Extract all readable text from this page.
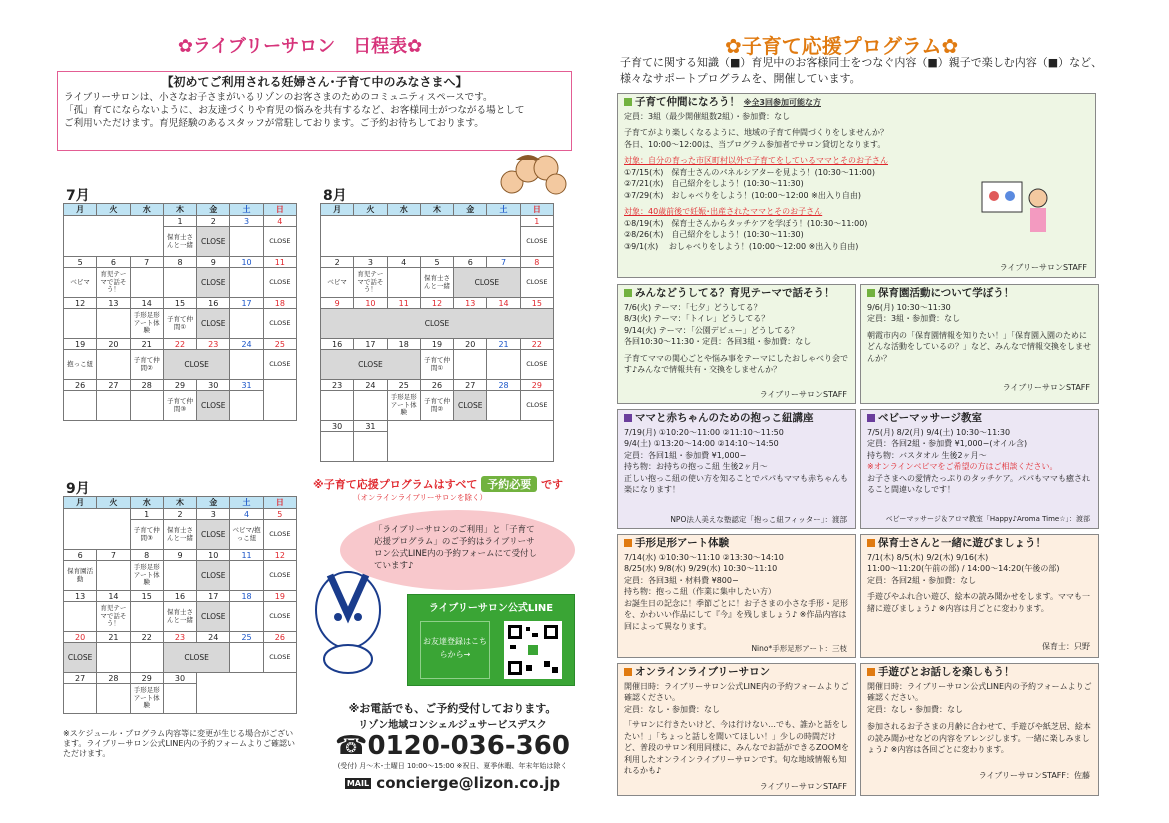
✿ライブリーサロン　日程表✿
【初めてご利用される妊婦さん･子育て中のみなさまへ】
ライブリーサロンは、小さなお子さまがいるリゾンのお客さまのためのコミュニティスペースです。
「孤」育てにならないように、お友達づくりや育児の悩みを共有するなど、お客様同士がつながる場として
ご利用いただけます。育児経験のあるスタッフが常駐しております。ご予約お待ちしております。
7月
月	火	水	木	金	土	日
			1	2	3	4
			保育士さんと一緒	CLOSE		CLOSE
5	6	7	8	9	10	11
ベビマ	育児テーマで話そう！			CLOSE		CLOSE
12	13	14	15	16	17	18
		手形足形アート体験	子育て仲間①	CLOSE		CLOSE
19	20	21	22	23	24	25
抱っこ紐		子育て仲間②	CLOSE			CLOSE
26	27	28	29	30	31	
			子育て仲間③	CLOSE		
8月
月	火	水	木	金	土	日
						1
						CLOSE
2	3	4	5	6	7	8
ベビマ	育児テーマで話そう！		保育士さんと一緒	CLOSE		CLOSE
9	10	11	12	13	14	15
CLOSE						
16	17	18	19	20	21	22
CLOSE			子育て仲間①			CLOSE
23	24	25	26	27	28	29
		手形足形アート体験	子育て仲間②	CLOSE		CLOSE
30	31					

9月
月	火	水	木	金	土	日
		1	2	3	4	5
		子育て仲間③	保育士さんと一緒	CLOSE	ベビマ/抱っこ紐	CLOSE
6	7	8	9	10	11	12
保育園活動		手形足形アート体験		CLOSE		CLOSE
13	14	15	16	17	18	19
	育児テーマで話そう！		保育士さんと一緒	CLOSE		CLOSE
20	21	22	23	24	25	26
CLOSE			CLOSE			CLOSE
27	28	29	30			
		手形足形アート体験				
※スケジュール・プログラム内容等に変更が生じる場合がございます。ライブリーサロン公式LINE内の予約フォームよりご確認いただけます。
※子育て応援プログラムはすべて 予約必要 です
（オンラインライブリーサロンを除く）
「ライブリーサロンのご利用」と「子育て応援プログラム」のご予約はライブリーサロン公式LINE内の予約フォームにて受付しています♪
ライブリーサロン公式LINE
お友達登録はこちらから→
※お電話でも、ご予約受付しております。
リゾン地域コンシェルジュサービスデスク
☎0120-036-360
(受付) 月～木･土曜日 10:00～15:00 ※祝日、夏季休暇、年末年始は除く
MAIL concierge@lizon.co.jp
✿子育て応援プログラム✿
子育てに関する知識（■）育児中のお客様同士をつなぐ内容（■）親子で楽しむ内容（■）など、様々なサポートプログラムを、開催しています。
子育て仲間になろう！ ※全3回参加可能な方
定員：3組（最少開催組数2組）・参加費：なし
子育てがより楽しくなるように、地域の子育て仲間づくりをしませんか？
各日、10:00～12:00は、当プログラム参加者でサロン貸切となります。
対象：自分の育った市区町村以外で子育てをしているママとそのお子さん
①7/15(木)　保育士さんのパネルシアターを見よう！(10:30～11:00)
②7/21(水)　自己紹介をしよう！(10:30～11:30)
③7/29(木)　おしゃべりをしよう！(10:00～12:00 ※出入り自由)
対象：40歳前後で妊娠･出産されたママとそのお子さん
①8/19(木)　保育士さんからタッチケアを学ぼう！(10:30～11:00)
②8/26(木)　自己紹介をしよう！(10:30～11:30)
③9/1(水)　 おしゃべりをしよう！(10:00～12:00 ※出入り自由)
ライブリーサロンSTAFF
みんなどうしてる？育児テーマで話そう！
7/6(火) テーマ：「七夕」どうしてる？
8/3(火) テーマ：「トイレ」どうしてる？
9/14(火) テーマ：「公園デビュー」どうしてる？
各回10:30～11:30・定員：各回3組・参加費：なし
子育てママの関心ごとや悩み事をテーマにしたおしゃべり会です♪みんなで情報共有・交換をしませんか？
ライブリーサロンSTAFF
保育園活動について学ぼう！
9/6(月) 10:30～11:30
定員：3組・参加費：なし
朝霞市内の「保育園情報を知りたい！」「保育園入園のためにどんな活動をしているの？」など、みんなで情報交換をしませんか？
ライブリーサロンSTAFF
ママと赤ちゃんのための抱っこ紐講座
7/19(月) ①10:20～11:00 ②11:10～11:50
9/4(土) ①13:20～14:00 ②14:10～14:50
定員：各回1組・参加費 ¥1,000−
持ち物：お持ちの抱っこ紐 生後2ヶ月～
正しい抱っこ紐の使い方を知ることでパパもママも赤ちゃんも楽になります！
NPO法人美えな塾認定「抱っこ紐フィッター」：渡部
ベビーマッサージ教室
7/5(月) 8/2(月) 9/4(土) 10:30～11:30
定員：各回2組・参加費 ¥1,000−(オイル含)
持ち物：バスタオル 生後2ヶ月～
※オンラインベビマをご希望の方はご相談ください。
お子さまへの愛情たっぷりのタッチケア。パパもママも癒されること間違いなしです！
ベビーマッサージ＆アロマ教室「Happy♪Aroma Time☆」：渡部
手形足形アート体験
7/14(水) ①10:30～11:10 ②13:30～14:10
8/25(水) 9/8(水) 9/29(水) 10:30～11:10
定員：各回3組・材料費 ¥800−
持ち物：抱っこ紐（作業に集中したい方）
お誕生日の記念に！季節ごとに！お子さまの小さな手形・足形を、かわいい作品にして『今』を残しましょう♪ ※作品内容は回によって異なります。
Nino*手形足形アート：三枝
保育士さんと一緒に遊びましょう！
7/1(木) 8/5(木) 9/2(木) 9/16(木)
11:00～11:20(午前の部) / 14:00～14:20(午後の部)
定員：各回2組・参加費：なし
手遊びやふれ合い遊び、絵本の読み聞かせをします。ママも一緒に遊びましょう♪ ※内容は月ごとに変わります。
保育士：只野
オンラインライブリーサロン
開催日時：ライブリーサロン公式LINE内の予約フォームよりご確認ください。
定員：なし・参加費：なし
「サロンに行きたいけど、今は行けない…でも、誰かと話をしたい！」「ちょっと話しを聞いてほしい！」少しの時間だけど、普段のサロン利用同様に、みんなでお話ができるZOOMを利用したオンラインライブリーサロンです。旬な地域情報も知れるかも♪
ライブリーサロンSTAFF
手遊びとお話しを楽しもう！
開催日時：ライブリーサロン公式LINE内の予約フォームよりご確認ください。
定員：なし・参加費：なし
参加されるお子さまの月齢に合わせて、手遊びや紙芝居、絵本の読み聞かせなどの内容をアレンジします。一緒に楽しみましょう♪ ※内容は各回ごとに変わります。
ライブリーサロンSTAFF：佐藤
